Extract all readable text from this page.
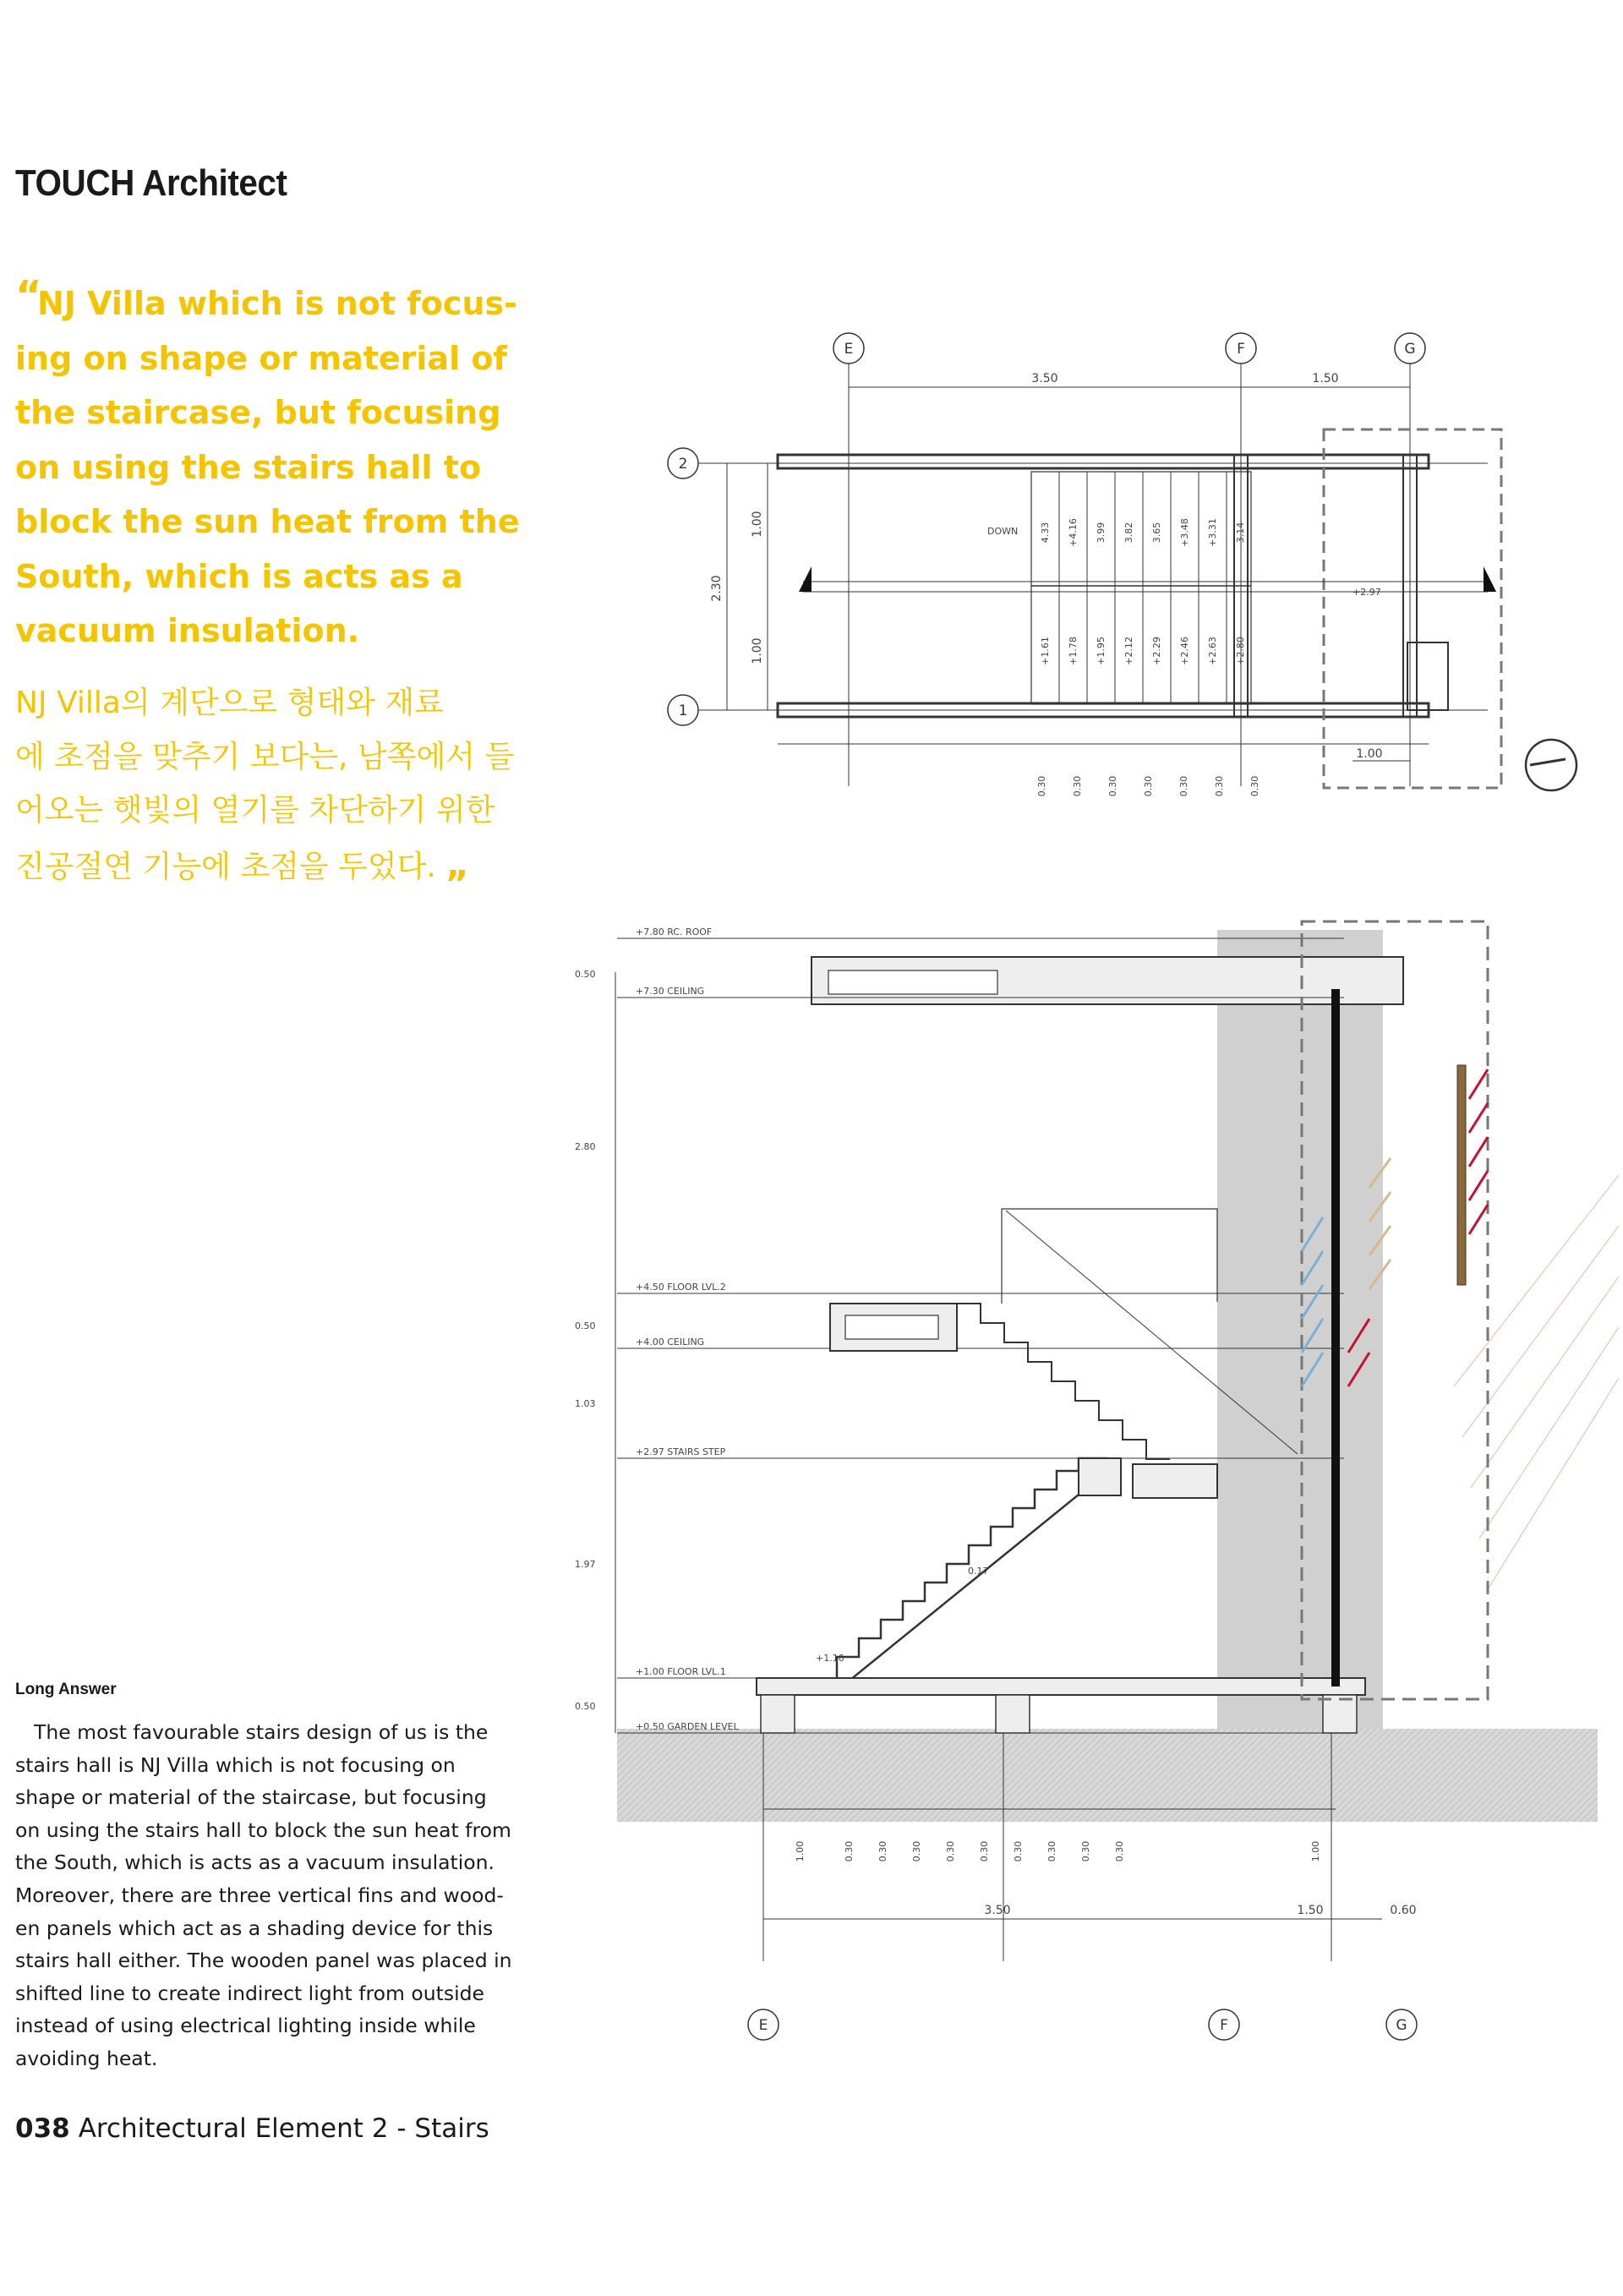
TOUCH Architect
“NJ Villa which is not focus-
ing on shape or material of
the staircase, but focusing
on using the stairs hall to
block the sun heat from the
South, which is acts as a
vacuum insulation.
NJ Villa의 계단으로 형태와 재료
에 초점을 맞추기 보다는, 남쪽에서 들
어오는 햇빛의 열기를 차단하기 위한
진공절연 기능에 초점을 두었다. „
Long Answer
The most favourable stairs design of us is the
stairs hall is NJ Villa which is not focusing on
shape or material of the staircase, but focusing
on using the stairs hall to block the sun heat from
the South, which is acts as a vacuum insulation.
Moreover, there are three vertical fins and wood-
en panels which act as a shading device for this
stairs hall either. The wooden panel was placed in
shifted line to create indirect light from outside
instead of using electrical lighting inside while
avoiding heat.
038 Architectural Element 2 - Stairs
E	F	G
2
1
3.50	1.50
2.30
1.00
1.00
DOWN
+2.97
1.00
4.33 +4.16 3.99 3.82 3.65 +3.48 +3.31 3.14
+1.61 +1.78 +1.95 +2.12 +2.29 +2.46 +2.63 +2.80
0.30	0.30	0.30	0.30	0.30	0.30	0.30
E	F	G
+7.80 RC. ROOF
+7.30 CEILING
+4.50 FLOOR LVL.2
+4.00 CEILING
+2.97 STAIRS STEP
+1.00 FLOOR LVL.1
+0.50 GARDEN LEVEL
0.50
2.80
0.50
1.03
1.97
0.50
0.17
+1.10
1.00	0.30 0.30 0.30 0.30 0.30 0.30 0.30 0.30 0.30	1.00
3.50	1.50	0.60
